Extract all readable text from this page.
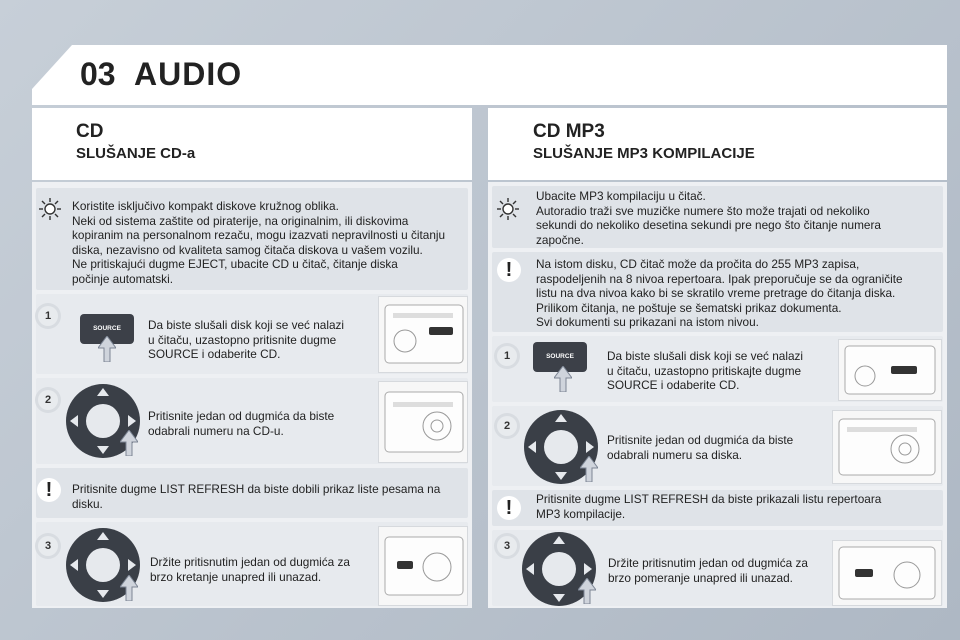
03 AUDIO
CD
SLUŠANJE CD-a
Koristite isključivo kompakt diskove kružnog oblika.
Neki od sistema zaštite od piraterije, na originalnim, ili diskovima
kopiranim na personalnom rezaču, mogu izazvati nepravilnosti u čitanju
diska, nezavisno od kvaliteta samog čitača diskova u vašem vozilu.
Ne pritiskajući dugme EJECT, ubacite CD u čitač, čitanje diska
počinje automatski.
1
SOURCE	Da biste slušali disk koji se već nalazi
u čitaču, uzastopno pritisnite dugme
SOURCE i odaberite CD.
2
Pritisnite jedan od dugmića da biste
odabrali numeru na CD-u.
!	Pritisnite dugme LIST REFRESH da biste dobili prikaz liste pesama na
disku.
3
Držite pritisnutim jedan od dugmića za
brzo kretanje unapred ili unazad.
CD MP3
SLUŠANJE MP3 KOMPILACIJE
Ubacite MP3 kompilaciju u čitač.
Autoradio traži sve muzičke numere što može trajati od nekoliko
sekundi do nekoliko desetina sekundi pre nego što čitanje numera
započne.
!	Na istom disku, CD čitač može da pročita do 255 MP3 zapisa,
raspodeljenih na 8 nivoa repertoara. Ipak preporučuje se da ograničite
listu na dva nivoa kako bi se skratilo vreme pretrage do čitanja diska.
Prilikom čitanja, ne poštuje se šematski prikaz dokumenta.
Svi dokumenti su prikazani na istom nivou.
1	SOURCE	Da biste slušali disk koji se već nalazi
u čitaču, uzastopno pritiskajte dugme
SOURCE i odaberite CD.
2
Pritisnite jedan od dugmića da biste
odabrali numeru sa diska.
!	Pritisnite dugme LIST REFRESH da biste prikazali listu repertoara
MP3 kompilacije.
3
Držite pritisnutim jedan od dugmića za
brzo pomeranje unapred ili unazad.
